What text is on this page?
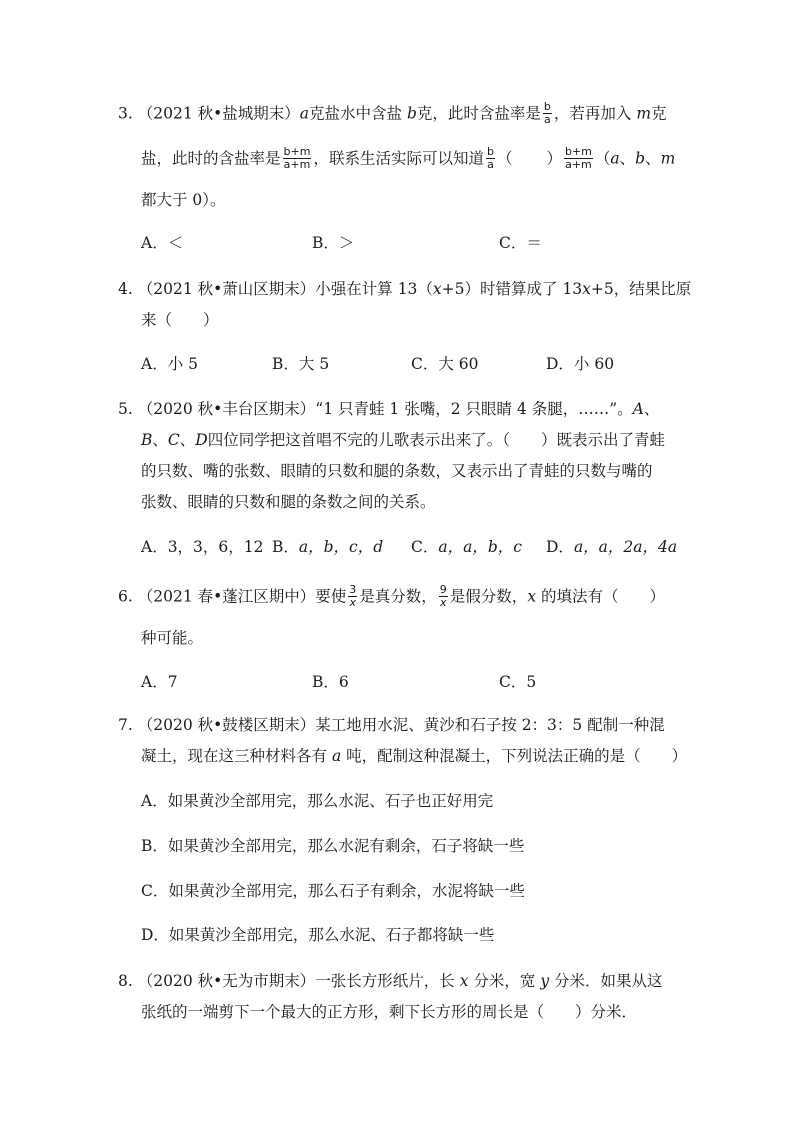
3. （2021 秋•盐城期末）a克盐水中含盐 b克，此时含盐率是 $\frac{b}{a}$ ，若再加入 m克
盐，此时的含盐率是 $\frac{b+m}{a+m}$ ，联系生活实际可以知道 $\frac{b}{a}$ （ ） $\frac{b+m}{a+m} (a$、b、m
都大于 0）。
A．＜	B．＞	C．＝
4. （2021 秋•萧山区期末）小强在计算 13（x+5）时错算成了 13x+5，结果比原
来（　　）
A．小 5	B．大 5	C．大 60	D．小 60
5. （2020 秋•丰台区期末）“1 只青蛙 1 张嘴，2 只眼睛 4 条腿，……”。A、
B、C、D四位同学把这首唱不完的儿歌表示出来了。（　　）既表示出了青蛙
的只数、嘴的张数、眼睛的只数和腿的条数，又表示出了青蛙的只数与嘴的
张数、眼睛的只数和腿的条数之间的关系。
A．3，3，6，12 B．a，b，c，d C．a，a，b，c D．a，a，2a，4a
6. （2021 春•蓬江区期中）要使 $\frac{3}{x}$ 是真分数， $\frac{9}{x}$ 是假分数，x 的填法有（　　）
种可能。
A．7	B．6	C．5
7. （2020 秋•鼓楼区期末）某工地用水泥、黄沙和石子按 2：3：5 配制一种混
凝土，现在这三种材料各有 a 吨，配制这种混凝土，下列说法正确的是（　　）
A．如果黄沙全部用完，那么水泥、石子也正好用完
B．如果黄沙全部用完，那么水泥有剩余，石子将缺一些
C．如果黄沙全部用完，那么石子有剩余，水泥将缺一些
D．如果黄沙全部用完，那么水泥、石子都将缺一些
8. （2020 秋•无为市期末）一张长方形纸片，长 x 分米，宽 y 分米．如果从这
张纸的一端剪下一个最大的正方形，剩下长方形的周长是（　　）分米．
